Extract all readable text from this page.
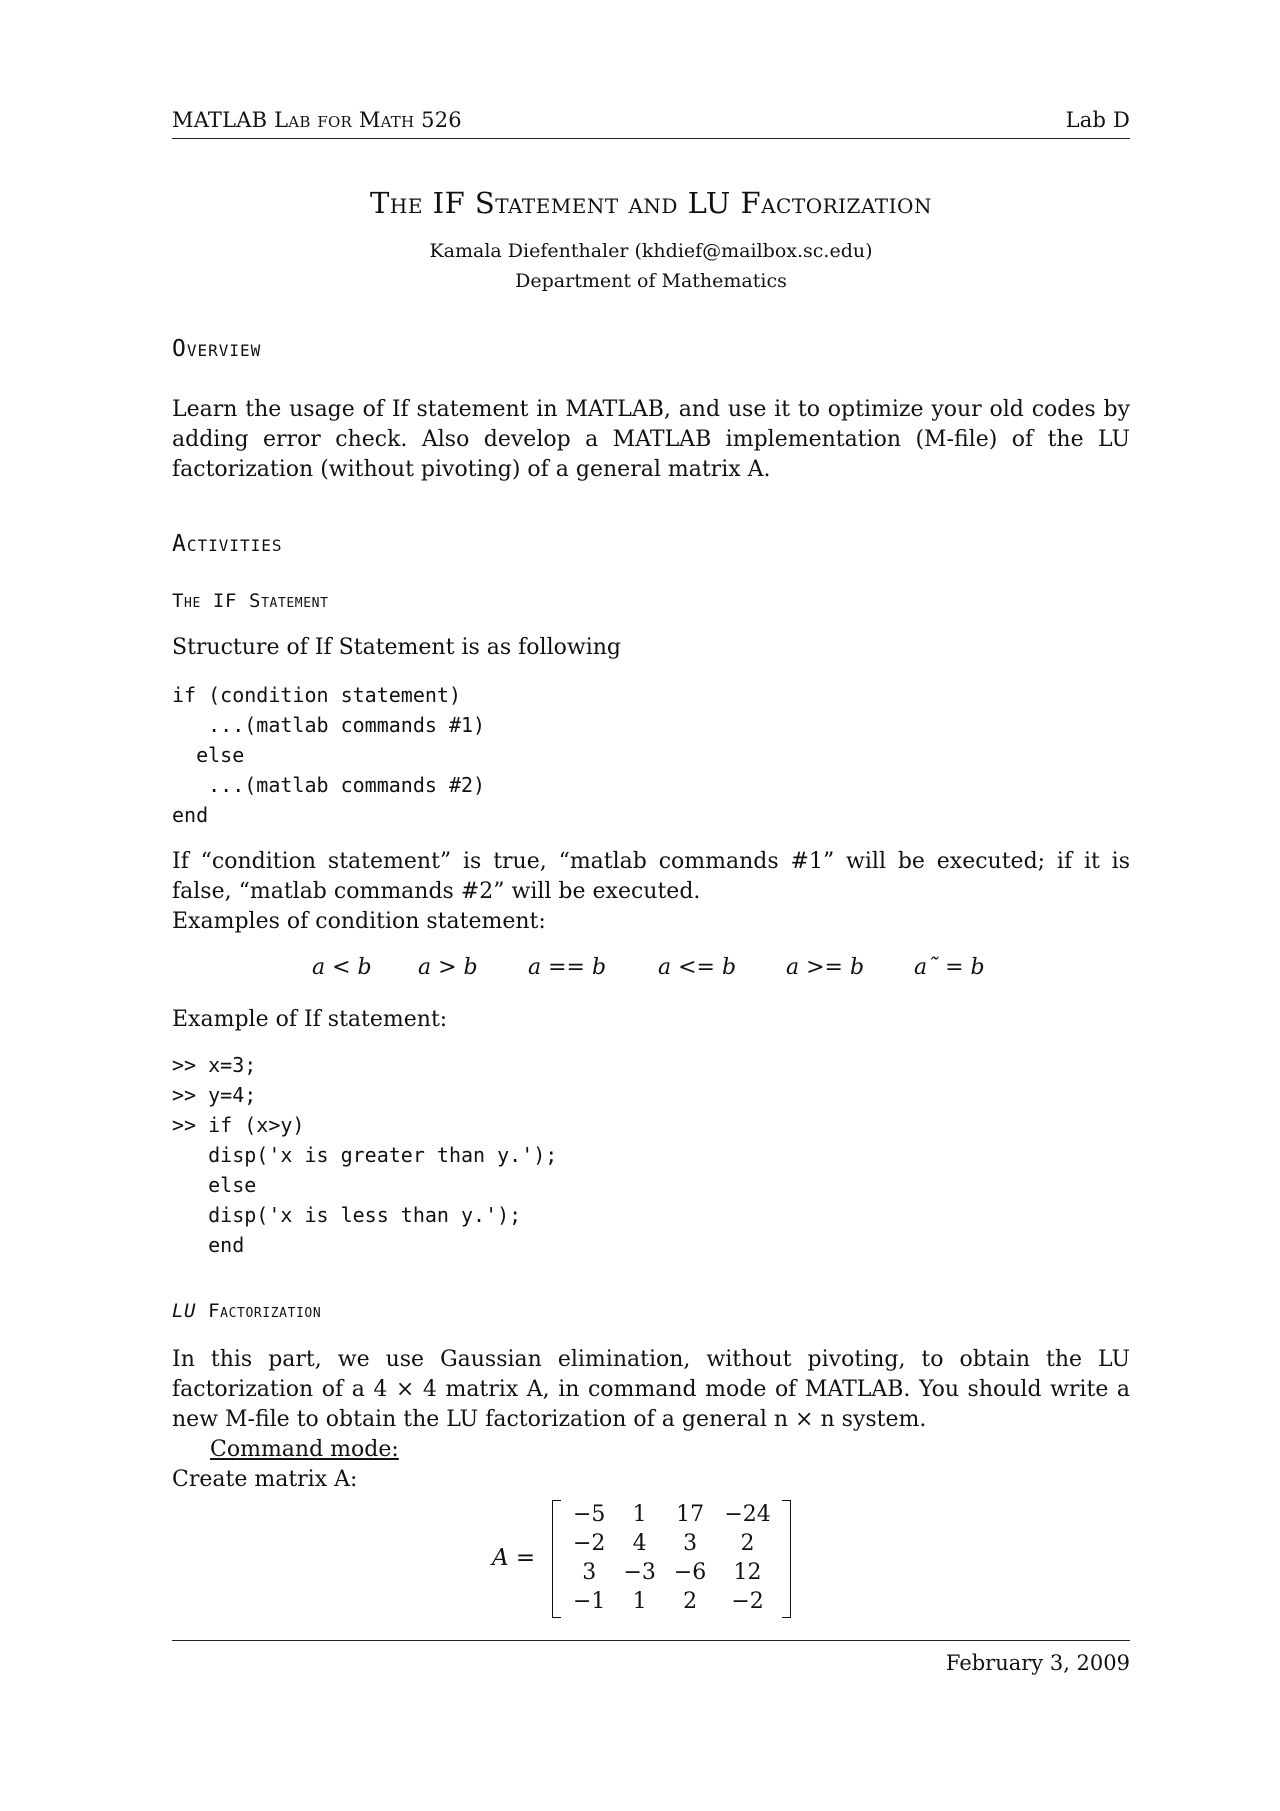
MATLAB Lab for Math 526	Lab D
The IF Statement and LU Factorization
Kamala Diefenthaler (khdief@mailbox.sc.edu)
Department of Mathematics
Overview
Learn the usage of If statement in MATLAB, and use it to optimize your old codes by adding error check. Also develop a MATLAB implementation (M-file) of the LU factorization (without pivoting) of a general matrix A.
Activities
The IF Statement
Structure of If Statement is as following
if (condition statement)
...(matlab commands #1)
else
...(matlab commands #2)
end
If “condition statement” is true, “matlab commands #1” will be executed; if it is false, “matlab commands #2” will be executed.
Examples of condition statement:
a < b a > b a == b a <= b a >= b a˜ = b
Example of If statement:
>> x=3;
>> y=4;
>> if (x>y)
disp('x is greater than y.');
else
disp('x is less than y.');
end
LU Factorization
In this part, we use Gaussian elimination, without pivoting, to obtain the LU factorization of a 4 × 4 matrix A, in command mode of MATLAB. You should write a new M-file to obtain the LU factorization of a general n × n system.
Command mode:
Create matrix A:
A =
−5	1	17	−24
−2	4	3	2
3	−3	−6	12
−1	1	2	−2
February 3, 2009
